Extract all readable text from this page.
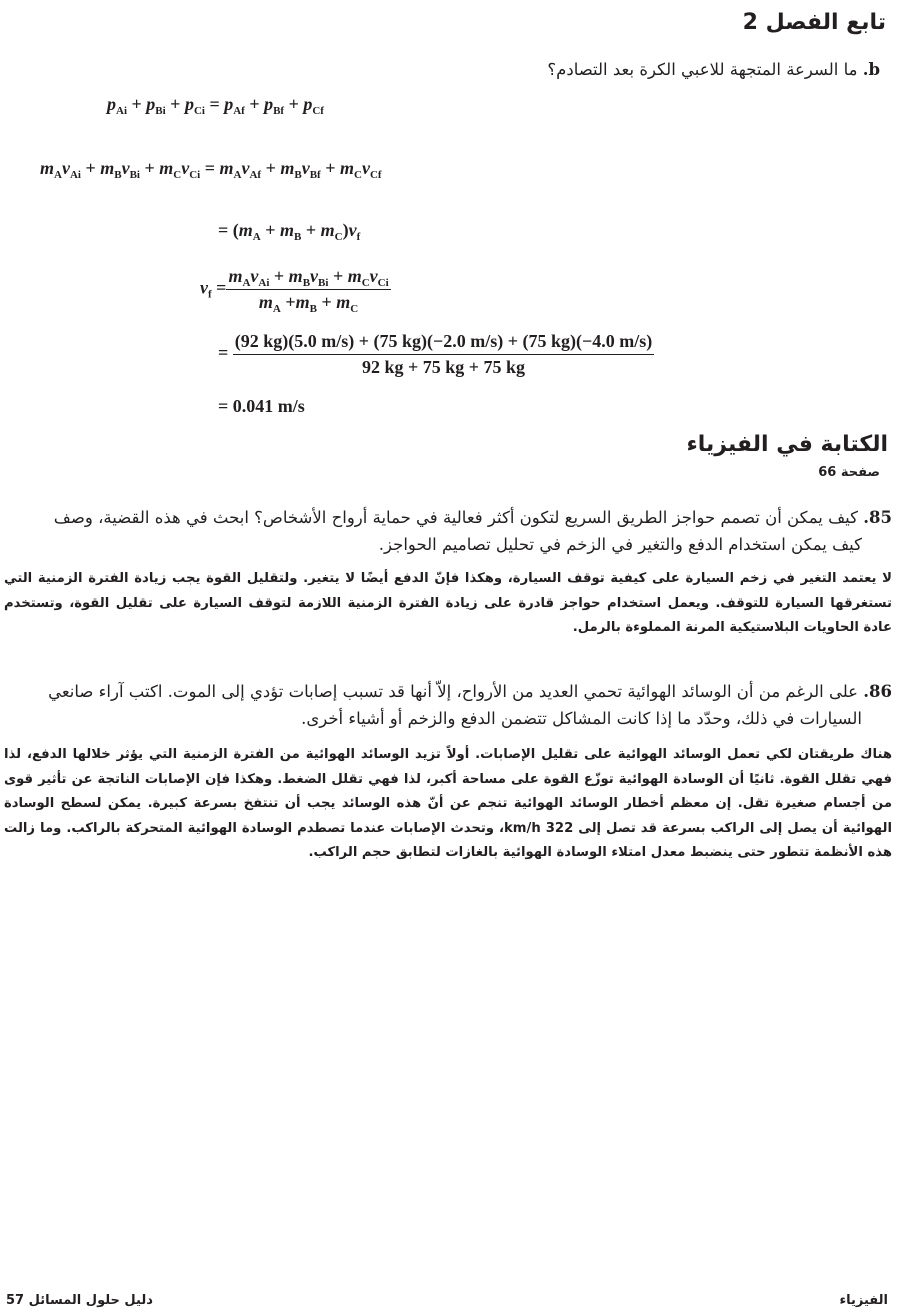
تابع الفصل 2
b. ما السرعة المتجهة للاعبي الكرة بعد التصادم؟
$p_{Ai} + p_{Bi} + p_{Ci} = p_{Af} + p_{Bf} + p_{Cf}$
$m_Av_{Ai} + m_Bv_{Bi} + m_Cv_{Ci} = m_Av_{Af} + m_Bv_{Bf} + m_Cv_{Cf}$
= $(m_A + m_B + m_C)v_f$
$v_f = \frac{m_Av_{Ai} + m_Bv_{Bi} + m_Cv_{Ci}}{m_A +m_B + m_C}$
= $\frac{(92 kg)(5.0 m/s) + (75 kg)(-2.0 m/s) + (75 kg)(-4.0 m/s)}{92 kg + 75 kg + 75 kg}$
= 0.041 m/s
الكتابة في الفيزياء
صفحة 66
85. كيف يمكن أن تصمم حواجز الطريق السريع لتكون أكثر فعالية في حماية أرواح الأشخاص؟ ابحث في هذه القضية، وصف
كيف يمكن استخدام الدفع والتغير في الزخم في تحليل تصاميم الحواجز.
لا يعتمد التغير في زخم السيارة على كيفية توقف السيارة، وهكذا فإنّ الدفع أيضًا لا يتغير. ولتقليل القوة يجب زيادة الفترة الزمنية التي تستغرقها السيارة للتوقف. ويعمل استخدام حواجز قادرة على زيادة الفترة الزمنية اللازمة لتوقف السيارة على تقليل القوة، وتستخدم عادة الحاويات البلاستيكية المرنة المملوءة بالرمل.
86. على الرغم من أن الوسائد الهوائية تحمي العديد من الأرواح، إلاّ أنها قد تسبب إصابات تؤدي إلى الموت. اكتب آراء صانعي
السيارات في ذلك، وحدّد ما إذا كانت المشاكل تتضمن الدفع والزخم أو أشياء أخرى.
هناك طريقتان لكي تعمل الوسائد الهوائية على تقليل الإصابات. أولاً تزيد الوسائد الهوائية من الفترة الزمنية التي يؤثر خلالها الدفع، لذا فهي تقلل القوة. ثانيًا أن الوسادة الهوائية توزّع القوة على مساحة أكبر، لذا فهي تقلل الضغط. وهكذا فإن الإصابات الناتجة عن تأثير قوى من أجسام صغيرة تقل. إن معظم أخطار الوسائد الهوائية تنجم عن أنّ هذه الوسائد يجب أن تنتفخ بسرعة كبيرة. يمكن لسطح الوسادة الهوائية أن يصل إلى الراكب بسرعة قد تصل إلى 322 km/h، وتحدث الإصابات عندما تصطدم الوسادة الهوائية المتحركة بالراكب. وما زالت هذه الأنظمة تتطور حتى ينضبط معدل امتلاء الوسادة الهوائية بالغازات لتطابق حجم الراكب.
دليل حلول المسائل 57	الفيزياء
